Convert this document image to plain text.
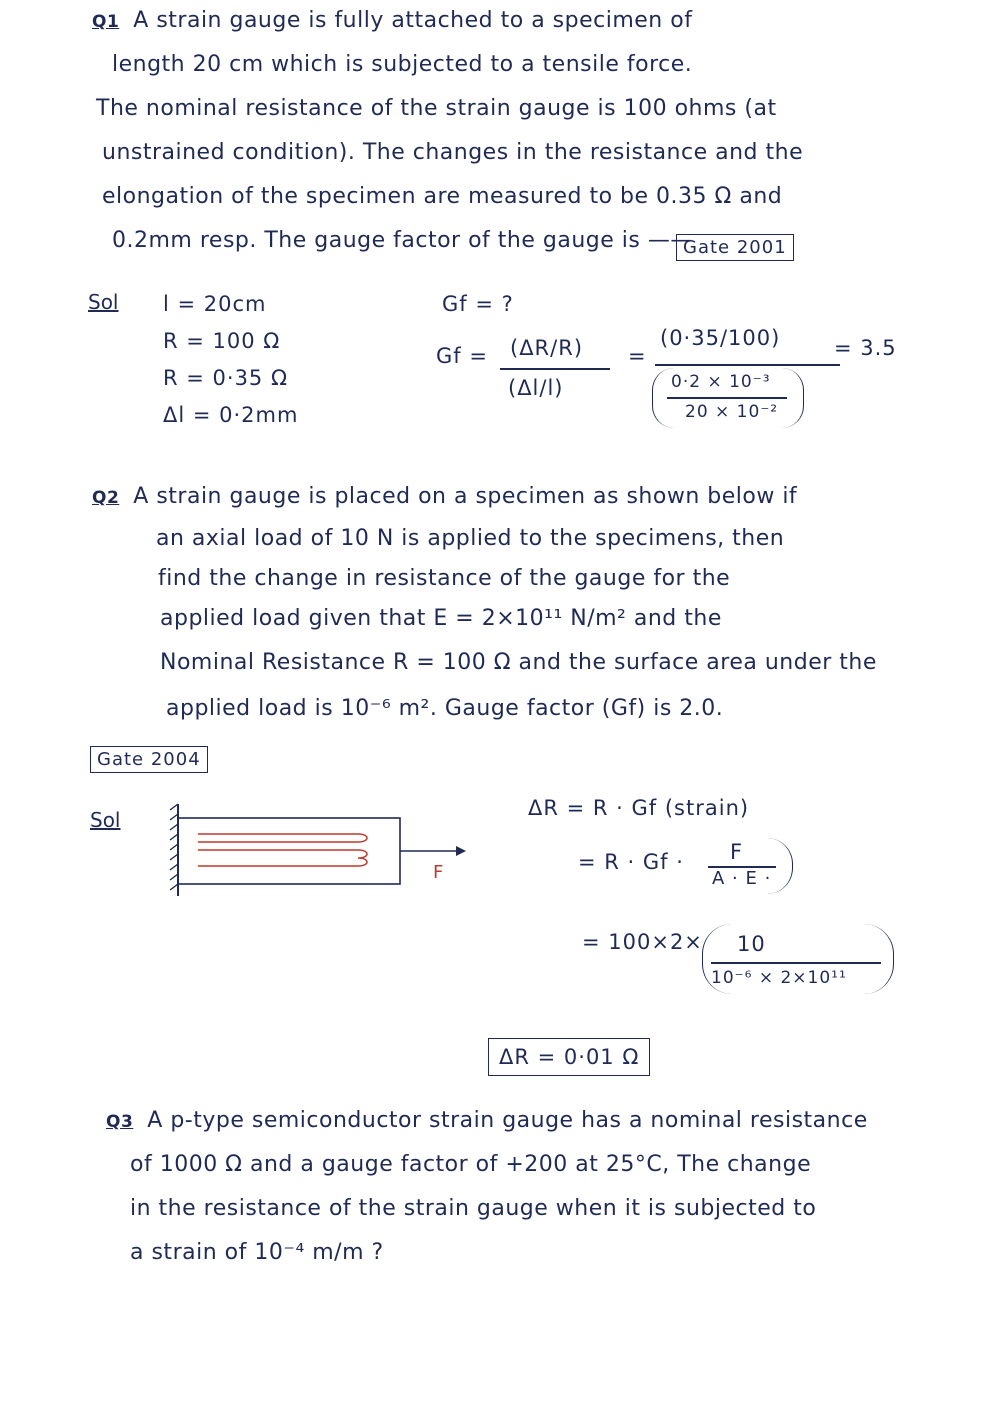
Q1 A strain gauge is fully attached to a specimen of
length 20 cm which is subjected to a tensile force.
The nominal resistance of the strain gauge is 100 ohms (at
unstrained condition). The changes in the resistance and the
elongation of the specimen are measured to be 0.35 Ω and
0.2mm resp. The gauge factor of the gauge is ——
Gate 2001
Sol l = 20cm
R = 100 Ω
R = 0·35 Ω
Δl = 0·2mm
Gf = ?
Gf = (ΔR/R)
(Δl/l)
=
(0·35/100)
0·2 × 10⁻³
20 × 10⁻²
= 3.5
Q2 A strain gauge is placed on a specimen as shown below if
an axial load of 10 N is applied to the specimens, then
find the change in resistance of the gauge for the
applied load given that E = 2×10¹¹ N/m² and the
Nominal Resistance R = 100 Ω and the surface area under the
applied load is 10⁻⁶ m². Gauge factor (Gf) is 2.0.
Gate 2004
Sol
F
ΔR = R · Gf (strain)
= R · Gf · F
A · E ·
= 100×2× 10
10⁻⁶ × 2×10¹¹
ΔR = 0·01 Ω
Q3 A p-type semiconductor strain gauge has a nominal resistance
of 1000 Ω and a gauge factor of +200 at 25°C, The change
in the resistance of the strain gauge when it is subjected to
a strain of 10⁻⁴ m/m ?
